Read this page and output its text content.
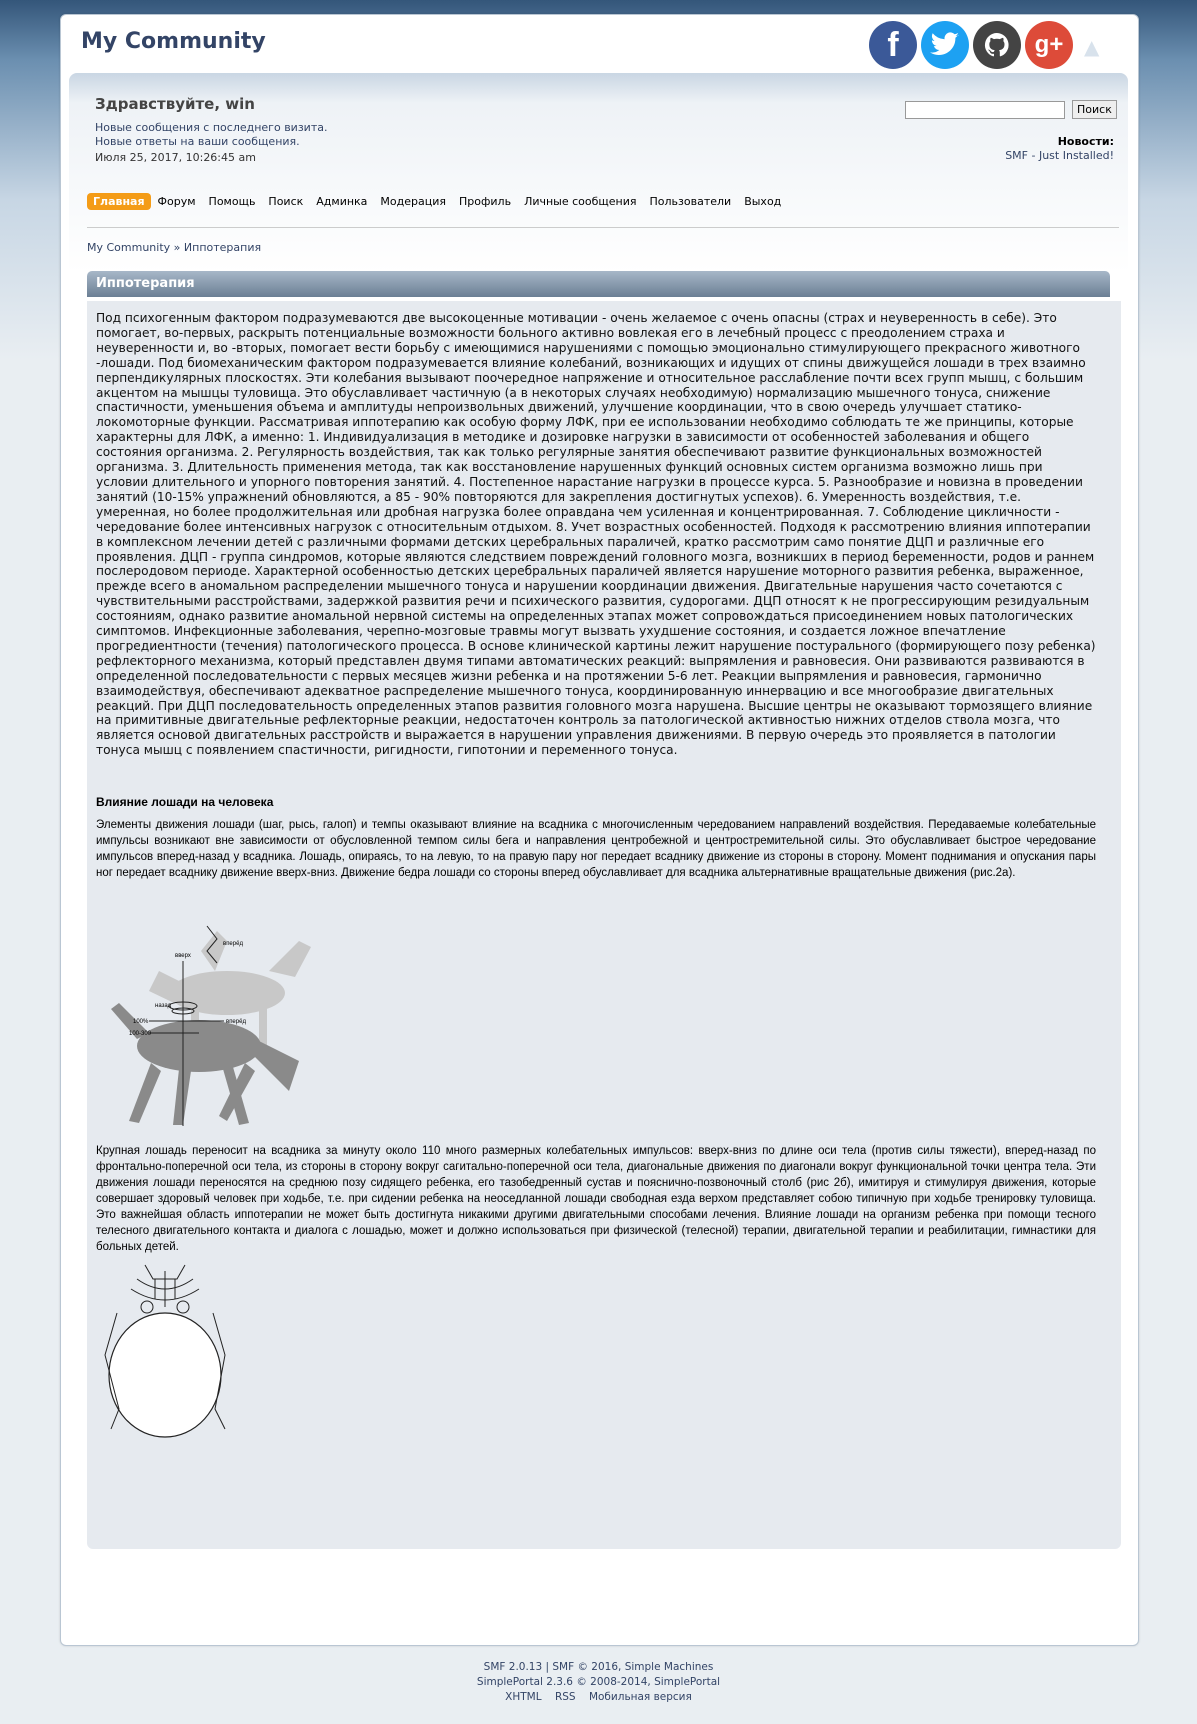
My Community	f	g+	▲
Здравствуйте, win
Новые сообщения с последнего визита.
Новые ответы на ваши сообщения.
Июля 25, 2017, 10:26:45 am
Поиск
Новости:
SMF - Just Installed!
Главная	Форум	Помощь	Поиск	Админка	Модерация	Профиль	Личные сообщения	Пользователи	Выход
My Community » Иппотерапия
Иппотерапия

Под психогенным фактором подразумеваются две высокоценные мотивации - очень желаемое с очень опасны (страх и неуверенность в себе). Это помогает, во-первых, раскрыть потенциальные возможности больного активно вовлекая его в лечебный процесс с преодолением страха и неуверенности и, во -вторых, помогает вести борьбу с имеющимися нарушениями с помощью эмоционально стимулирующего прекрасного животного -лошади. Под биомеханическим фактором подразумевается влияние колебаний, возникающих и идущих от спины движущейся лошади в трех взаимно перпендикулярных плоскостях. Эти колебания вызывают поочередное напряжение и относительное расслабление почти всех групп мышц, с большим акцентом на мышцы туловища. Это обуславливает частичную (а в некоторых случаях необходимую) нормализацию мышечного тонуса, снижение спастичности, уменьшения объема и амплитуды непроизвольных движений, улучшение координации, что в свою очередь улучшает статико-локомоторные функции. Рассматривая иппотерапию как особую форму ЛФК, при ее использовании необходимо соблюдать те же принципы, которые характерны для ЛФК, а именно: 1. Индивидуализация в методике и дозировке нагрузки в зависимости от особенностей заболевания и общего состояния организма. 2. Регулярность воздействия, так как только регулярные занятия обеспечивают развитие функциональных возможностей организма. 3. Длительность применения метода, так как восстановление нарушенных функций основных систем организма возможно лишь при условии длительного и упорного повторения занятий. 4. Постепенное нарастание нагрузки в процессе курса. 5. Разнообразие и новизна в проведении занятий (10-15% упражнений обновляются, а 85 - 90% повторяются для закрепления достигнутых успехов). 6. Умеренность воздействия, т.е. умеренная, но более продолжительная или дробная нагрузка более оправдана чем усиленная и концентрированная. 7. Соблюдение цикличности - чередование более интенсивных нагрузок с относительным отдыхом. 8. Учет возрастных особенностей. Подходя к рассмотрению влияния иппотерапии в комплексном лечении детей с различными формами детских церебральных параличей, кратко рассмотрим само понятие ДЦП и различные его проявления. ДЦП - группа синдромов, которые являются следствием повреждений головного мозга, возникших в период беременности, родов и раннем послеродовом периоде. Характерной особенностью детских церебральных параличей является нарушение моторного развития ребенка, выраженное, прежде всего в аномальном распределении мышечного тонуса и нарушении координации движения. Двигательные нарушения часто сочетаются с чувствительными расстройствами, задержкой развития речи и психического развития, судорогами. ДЦП относят к не прогрессирующим резидуальным состояниям, однако развитие аномальной нервной системы на определенных этапах может сопровождаться присоединением новых патологических симптомов. Инфекционные заболевания, черепно-мозговые травмы могут вызвать ухудшение состояния, и создается ложное впечатление прогредиентности (течения) патологического процесса. В основе клинической картины лежит нарушение постурального (формирующего позу ребенка) рефлекторного механизма, который представлен двумя типами автоматических реакций: выпрямления и равновесия. Они развиваются развиваются в определенной последовательности с первых месяцев жизни ребенка и на протяжении 5-6 лет. Реакции выпрямления и равновесия, гармонично взаимодействуя, обеспечивают адекватное распределение мышечного тонуса, координированную иннервацию и все многообразие двигательных реакций. При ДЦП последовательность определенных этапов развития головного мозга нарушена. Высшие центры не оказывают тормозящего влияние на примитивные двигательные рефлекторные реакции, недостаточен контроль за патологической активностью нижних отделов ствола мозга, что является основой двигательных расстройств и выражается в нарушении управления движениями. В первую очередь это проявляется в патологии тонуса мышц с появлением спастичности, ригидности, гипотонии и переменного тонуса.

Влияние лошади на человека

Элементы движения лошади (шаг, рысь, галоп) и темпы оказывают влияние на всадника с многочисленным чередованием направлений воздействия. Передаваемые колебательные импульсы возникают вне зависимости от обусловленной темпом силы бега и направления центробежной и центростремительной силы. Это обуславливает быстрое чередование импульсов вперед-назад у всадника. Лошадь, опираясь, то на левую, то на правую пару ног передает всаднику движение из стороны в сторону. Момент поднимания и опускания пары ног передает всаднику движение вверх-вниз. Движение бедра лошади со стороны вперед обуславливает для всадника альтернативные вращательные движения (рис.2а).

вперёд
вверх
100%
назад
вперёд
100-300

Крупная лошадь переносит на всадника за минуту около 110 много размерных колебательных импульсов: вверх-вниз по длине оси тела (против силы тяжести), вперед-назад по фронтально-поперечной оси тела, из стороны в сторону вокруг сагитально-поперечной оси тела, диагональные движения по диагонали вокруг функциональной точки центра тела. Эти движения лошади переносятся на среднюю позу сидящего ребенка, его тазобедренный сустав и пояснично-позвоночный столб (рис 2б), имитируя и стимулируя движения, которые совершает здоровый человек при ходьбе, т.е. при сидении ребенка на неоседланной лошади свободная езда верхом представляет собою типичную при ходьбе тренировку туловища. Это важнейшая область иппотерапии не может быть достигнута никакими другими двигательными способами лечения. Влияние лошади на организм ребенка при помощи тесного телесного двигательного контакта и диалога с лошадью, может и должно использоваться при физической (телесной) терапии, двигательной терапии и реабилитации, гимнастики для больных детей.

SMF 2.0.13 | SMF © 2016, Simple Machines
SimplePortal 2.3.6 © 2008-2014, SimplePortal
XHTML RSS Мобильная версия
